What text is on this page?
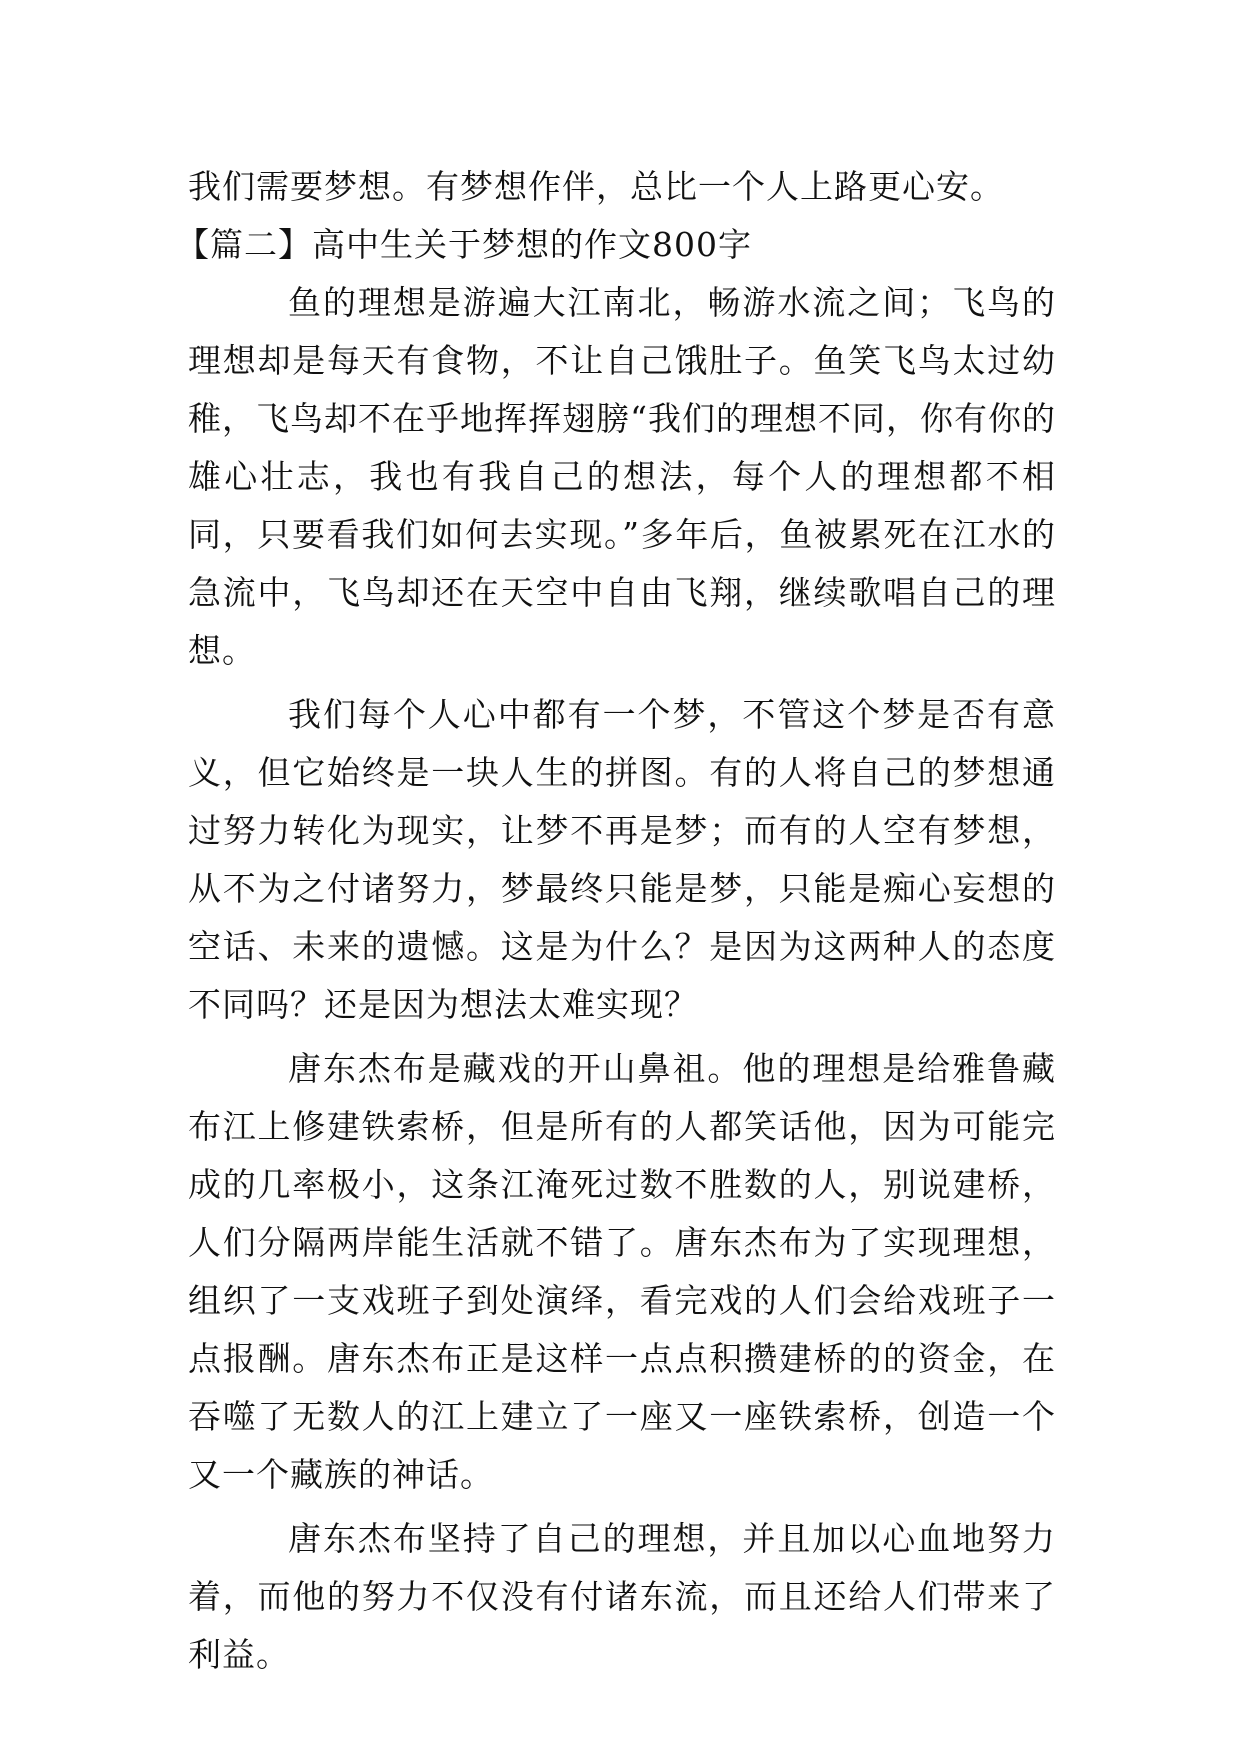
我们需要梦想。有梦想作伴，总比一个人上路更心安。

【篇二】高中生关于梦想的作文800字

鱼的理想是游遍大江南北，畅游水流之间；飞鸟的理想却是每天有食物，不让自己饿肚子。鱼笑飞鸟太过幼稚，飞鸟却不在乎地挥挥翅膀“我们的理想不同，你有你的雄心壮志，我也有我自己的想法，每个人的理想都不相同，只要看我们如何去实现。”多年后，鱼被累死在江水的急流中，飞鸟却还在天空中自由飞翔，继续歌唱自己的理想。

我们每个人心中都有一个梦，不管这个梦是否有意义，但它始终是一块人生的拼图。有的人将自己的梦想通过努力转化为现实，让梦不再是梦；而有的人空有梦想，从不为之付诸努力，梦最终只能是梦，只能是痴心妄想的空话、未来的遗憾。这是为什么？是因为这两种人的态度不同吗？还是因为想法太难实现？

唐东杰布是藏戏的开山鼻祖。他的理想是给雅鲁藏布江上修建铁索桥，但是所有的人都笑话他，因为可能完成的几率极小，这条江淹死过数不胜数的人，别说建桥，人们分隔两岸能生活就不错了。唐东杰布为了实现理想，组织了一支戏班子到处演绎，看完戏的人们会给戏班子一点报酬。唐东杰布正是这样一点点积攒建桥的的资金，在吞噬了无数人的江上建立了一座又一座铁索桥，创造一个又一个藏族的神话。

唐东杰布坚持了自己的理想，并且加以心血地努力着，而他的努力不仅没有付诸东流，而且还给人们带来了利益。
